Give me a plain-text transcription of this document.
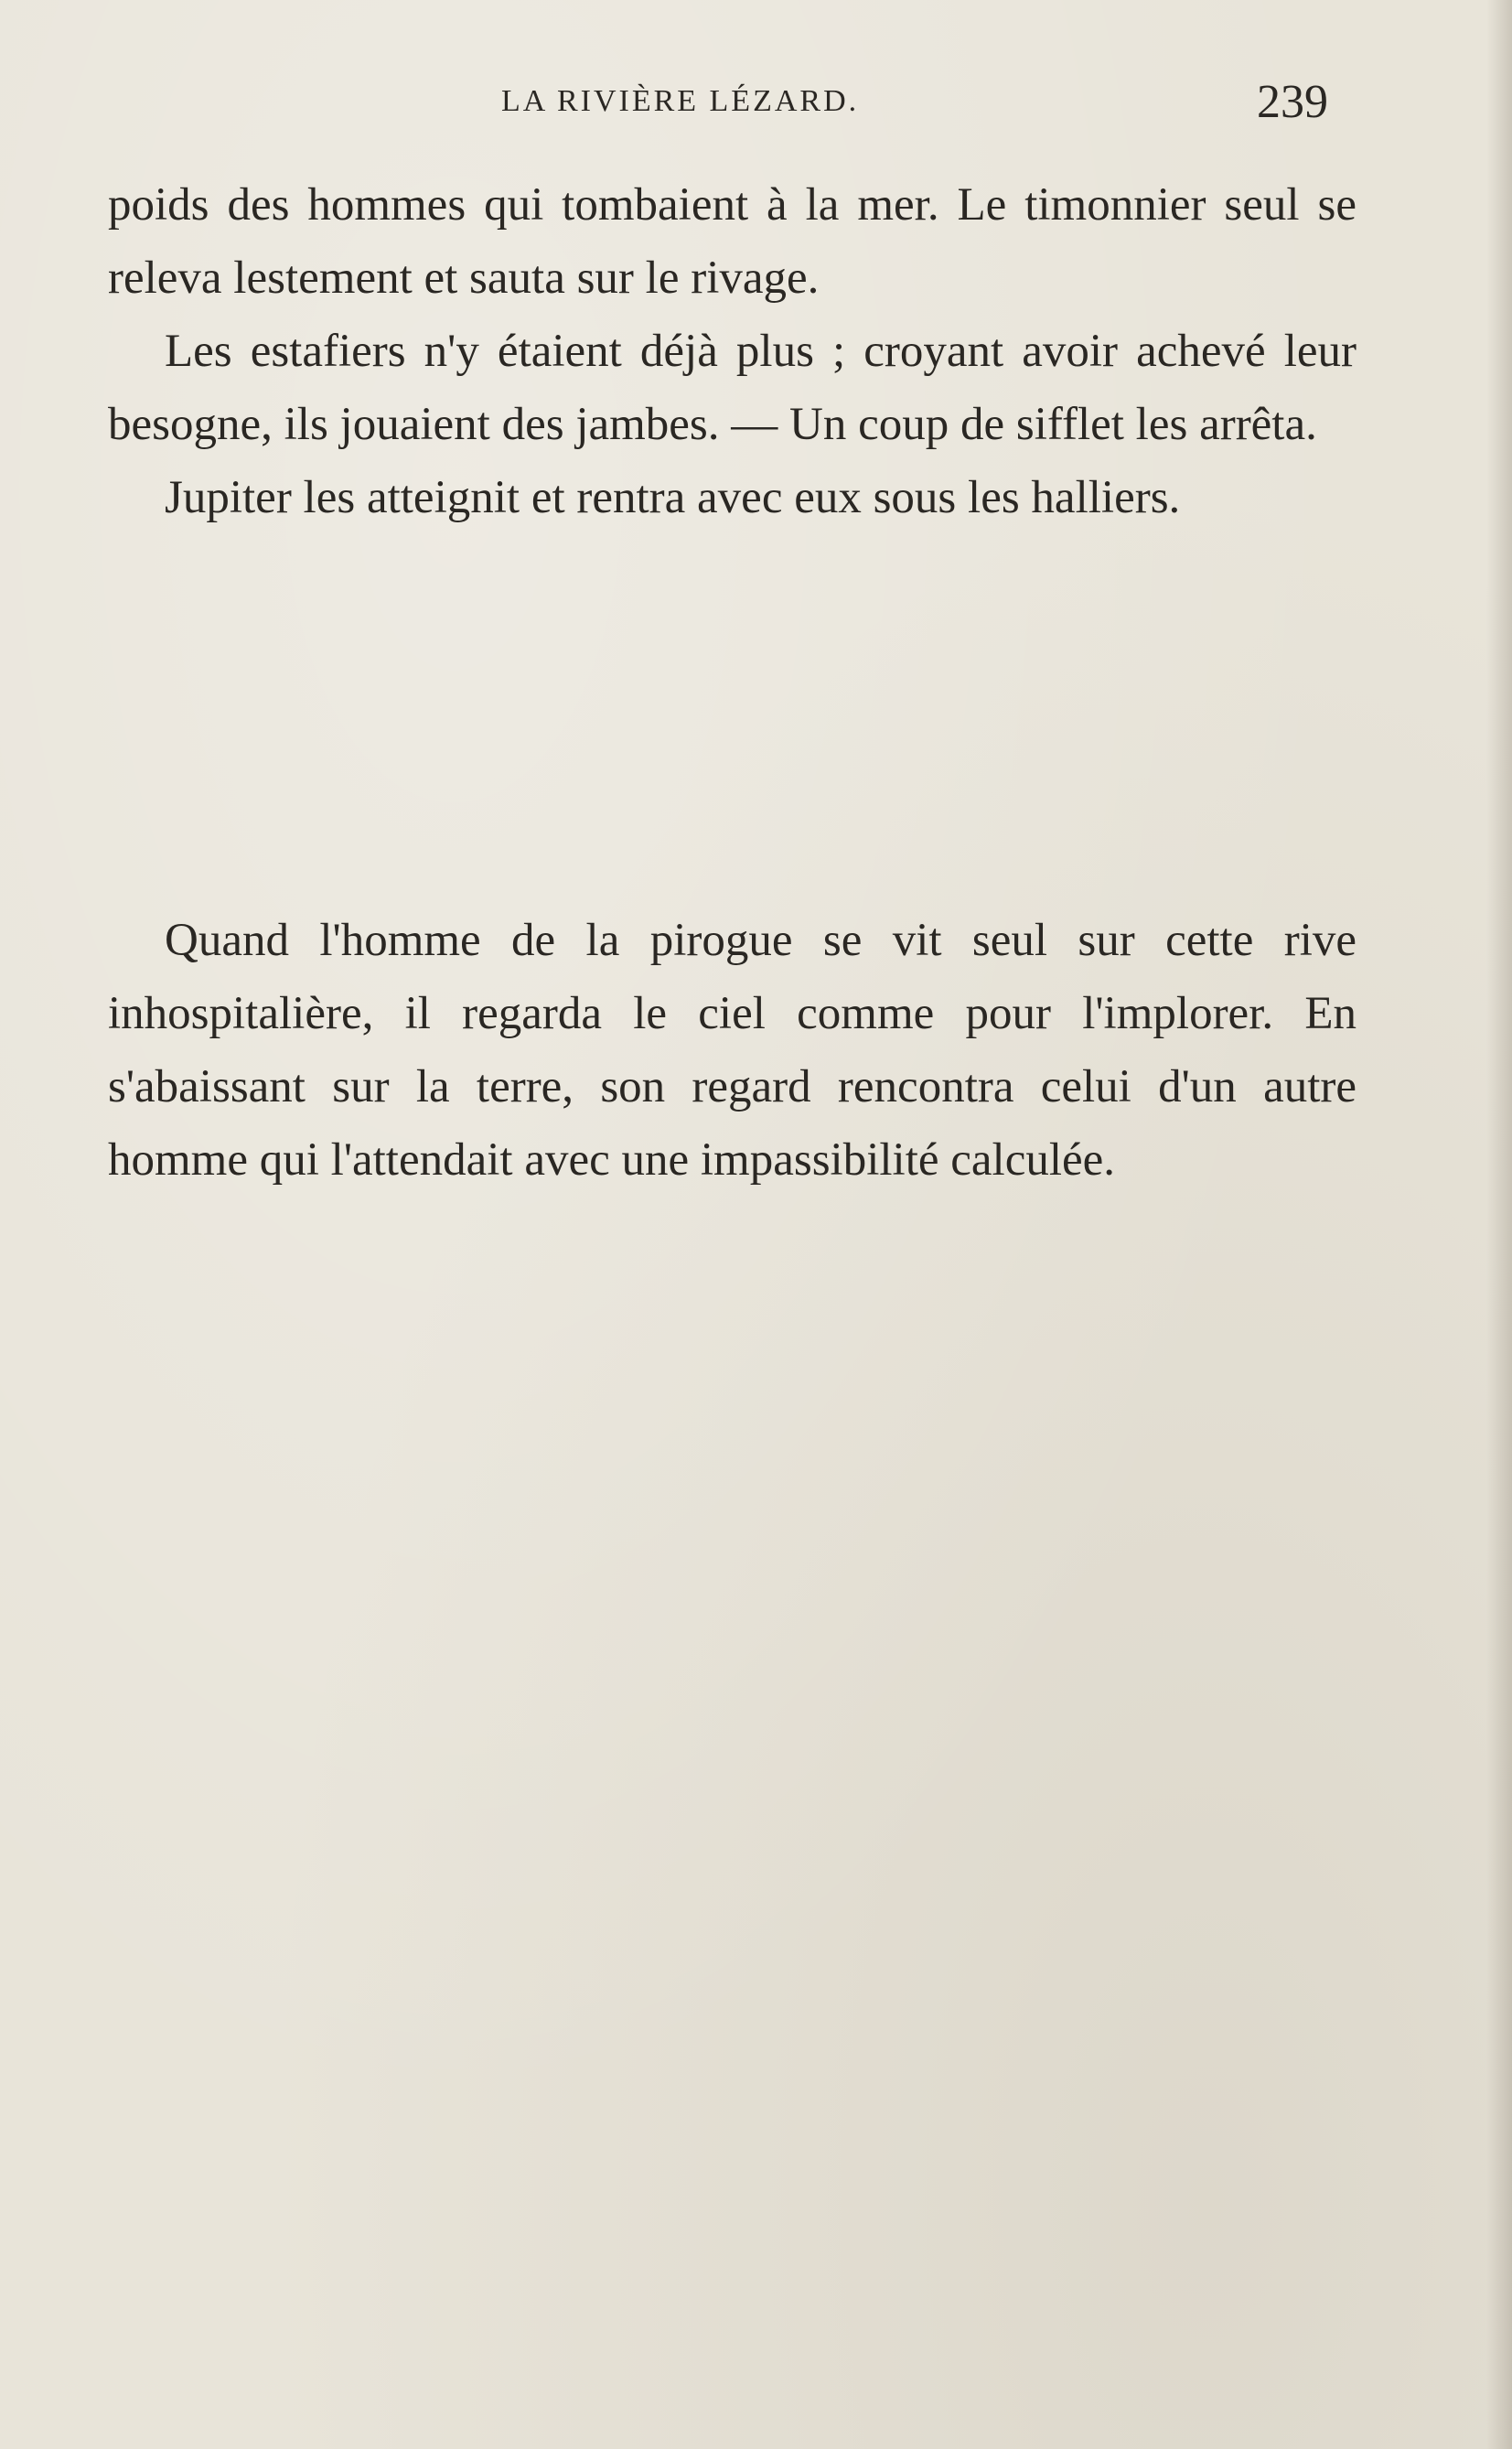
LA RIVIÈRE LÉZARD.	239

poids des hommes qui tombaient à la mer. Le timonnier seul se releva lestement et sauta sur le rivage.

Les estafiers n'y étaient déjà plus ; croyant avoir achevé leur besogne, ils jouaient des jambes. — Un coup de sifflet les arrêta.

Jupiter les atteignit et rentra avec eux sous les halliers.

Quand l'homme de la pirogue se vit seul sur cette rive inhospitalière, il regarda le ciel comme pour l'implorer. En s'abaissant sur la terre, son regard rencontra celui d'un autre homme qui l'attendait avec une impassibilité calculée.
